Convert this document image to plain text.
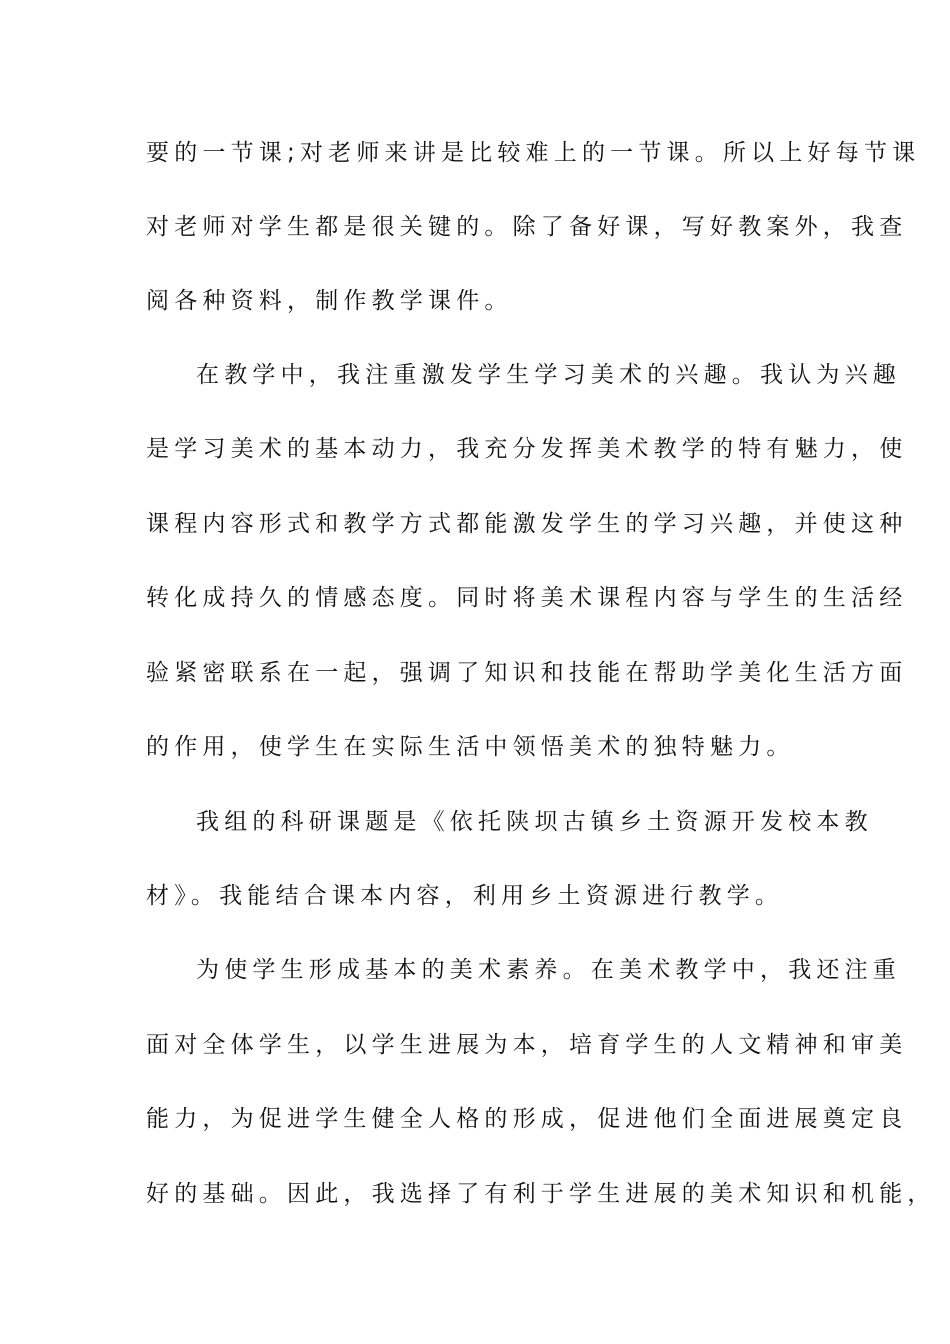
要的一节课;对老师来讲是比较难上的一节课。所以上好每节课
对老师对学生都是很关键的。除了备好课，写好教案外，我查
阅各种资料，制作教学课件。
在教学中，我注重激发学生学习美术的兴趣。我认为兴趣
是学习美术的基本动力，我充分发挥美术教学的特有魅力，使
课程内容形式和教学方式都能激发学生的学习兴趣，并使这种
转化成持久的情感态度。同时将美术课程内容与学生的生活经
验紧密联系在一起，强调了知识和技能在帮助学美化生活方面
的作用，使学生在实际生活中领悟美术的独特魅力。
我组的科研课题是《依托陕坝古镇乡土资源开发校本教
材》。我能结合课本内容，利用乡土资源进行教学。
为使学生形成基本的美术素养。在美术教学中，我还注重
面对全体学生，以学生进展为本，培育学生的人文精神和审美
能力，为促进学生健全人格的形成，促进他们全面进展奠定良
好的基础。因此，我选择了有利于学生进展的美术知识和机能，
